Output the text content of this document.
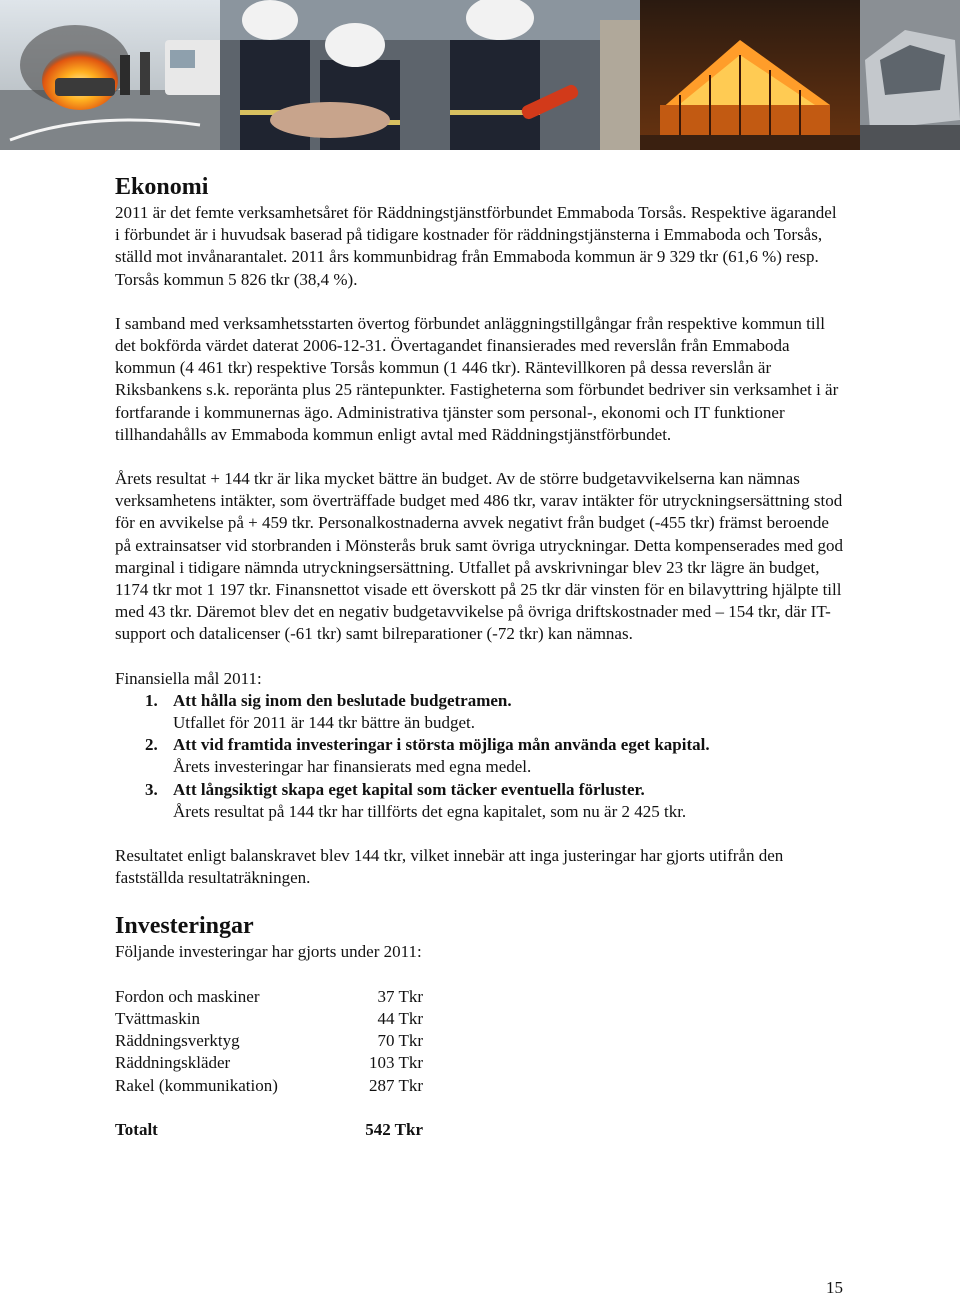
Ekonomi

2011 är det femte verksamhetsåret för Räddningstjänstförbundet Emmaboda Torsås. Respektive ägarandel i förbundet är i huvudsak baserad på tidigare kostnader för räddningstjänsterna i Emmaboda och Torsås, ställd mot invånarantalet. 2011 års kommunbidrag från Emmaboda kommun är 9 329 tkr (61,6 %) resp. Torsås kommun 5 826 tkr (38,4 %).

I samband med verksamhetsstarten övertog förbundet anläggningstillgångar från respektive kommun till det bokförda värdet daterat 2006-12-31. Övertagandet finansierades med reverslån från Emmaboda kommun (4 461 tkr) respektive Torsås kommun (1 446 tkr). Räntevillkoren på dessa reverslån är Riksbankens s.k. reporänta plus 25 räntepunkter. Fastigheterna som förbundet bedriver sin verksamhet i är fortfarande i kommunernas ägo. Administrativa tjänster som personal-, ekonomi och IT funktioner tillhandahålls av Emmaboda kommun enligt avtal med Räddningstjänstförbundet.

Årets resultat + 144 tkr är lika mycket bättre än budget. Av de större budgetavvikelserna kan nämnas verksamhetens intäkter, som överträffade budget med 486 tkr, varav intäkter för utryckningsersättning stod för en avvikelse på + 459 tkr. Personalkostnaderna avvek negativt från budget (-455 tkr) främst beroende på extrainsatser vid storbranden i Mönsterås bruk samt övriga utryckningar. Detta kompenserades med god marginal i tidigare nämnda utryckningsersättning. Utfallet på avskrivningar blev 23 tkr lägre än budget, 1174 tkr mot 1 197 tkr. Finansnettot visade ett överskott på 25 tkr där vinsten för en bilavyttring hjälpte till med 43 tkr. Däremot blev det en negativ budgetavvikelse på övriga driftskostnader med – 154 tkr, där IT-support och datalicenser (-61 tkr) samt bilreparationer (-72 tkr) kan nämnas.

Finansiella mål 2011:

1. Att hålla sig inom den beslutade budgetramen.
Utfallet för 2011 är 144 tkr bättre än budget.
2. Att vid framtida investeringar i största möjliga mån använda eget kapital.
Årets investeringar har finansierats med egna medel.
3. Att långsiktigt skapa eget kapital som täcker eventuella förluster.
Årets resultat på 144 tkr har tillförts det egna kapitalet, som nu är 2 425 tkr.

Resultatet enligt balanskravet blev 144 tkr, vilket innebär att inga justeringar har gjorts utifrån den fastställda resultaträkningen.

Investeringar

Följande investeringar har gjorts under 2011:

Fordon och maskiner	37 Tkr
Tvättmaskin	44 Tkr
Räddningsverktyg	70 Tkr
Räddningskläder	103 Tkr
Rakel (kommunikation)	287 Tkr
Totalt	542 Tkr
15
